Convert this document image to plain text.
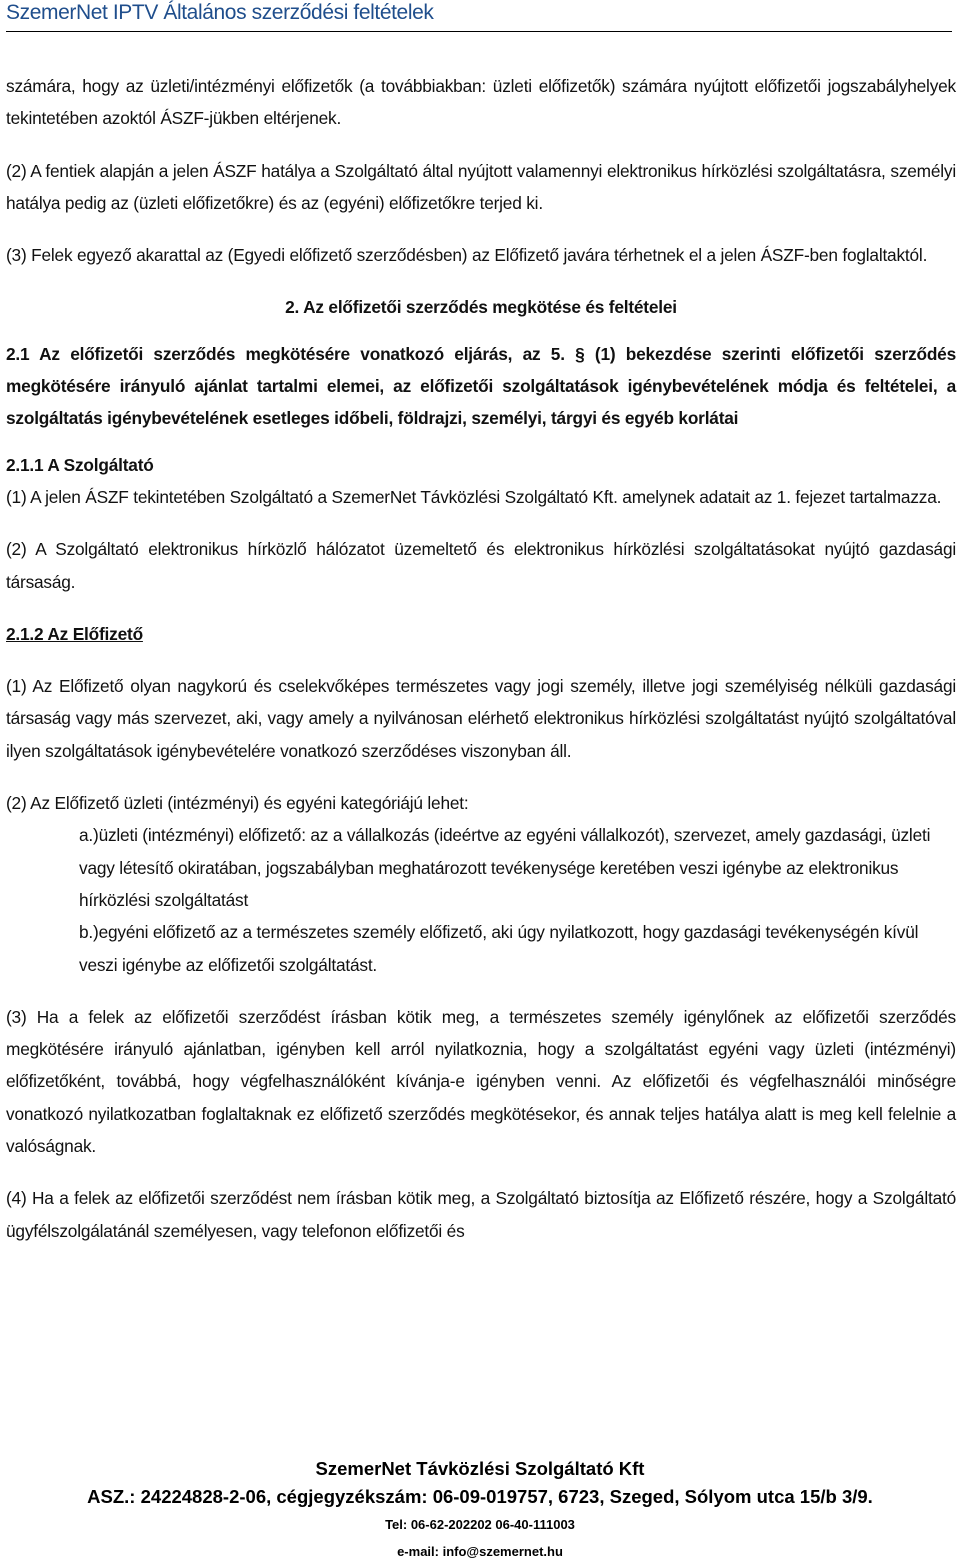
SzemerNet IPTV Általános szerződési feltételek

számára, hogy az üzleti/intézményi előfizetők (a továbbiakban: üzleti előfizetők) számára nyújtott előfizetői jogszabályhelyek tekintetében azoktól ÁSZF-jükben eltérjenek.

(2) A fentiek alapján a jelen ÁSZF hatálya a Szolgáltató által nyújtott valamennyi elektronikus hírközlési szolgáltatásra, személyi hatálya pedig az (üzleti előfizetőkre) és az (egyéni) előfizetőkre terjed ki.

(3) Felek egyező akarattal az (Egyedi előfizető szerződésben) az Előfizető javára térhetnek el a jelen ÁSZF-ben foglaltaktól.

2. Az előfizetői szerződés megkötése és feltételei

2.1 Az előfizetői szerződés megkötésére vonatkozó eljárás, az 5. § (1) bekezdése szerinti előfizetői szerződés megkötésére irányuló ajánlat tartalmi elemei, az előfizetői szolgáltatások igénybevételének módja és feltételei, a szolgáltatás igénybevételének esetleges időbeli, földrajzi, személyi, tárgyi és egyéb korlátai

2.1.1 A Szolgáltató

(1) A jelen ÁSZF tekintetében Szolgáltató a SzemerNet Távközlési Szolgáltató Kft. amelynek adatait az 1. fejezet tartalmazza.

(2) A Szolgáltató elektronikus hírközlő hálózatot üzemeltető és elektronikus hírközlési szolgáltatásokat nyújtó gazdasági társaság.

2.1.2 Az Előfizető

(1) Az Előfizető olyan nagykorú és cselekvőképes természetes vagy jogi személy, illetve jogi személyiség nélküli gazdasági társaság vagy más szervezet, aki, vagy amely a nyilvánosan elérhető elektronikus hírközlési szolgáltatást nyújtó szolgáltatóval ilyen szolgáltatások igénybevételére vonatkozó szerződéses viszonyban áll.

(2) Az Előfizető üzleti (intézményi) és egyéni kategóriájú lehet:

a.)üzleti (intézményi) előfizető: az a vállalkozás (ideértve az egyéni vállalkozót), szervezet, amely gazdasági, üzleti vagy létesítő okiratában, jogszabályban meghatározott tevékenysége keretében veszi igénybe az elektronikus hírközlési szolgáltatást

b.)egyéni előfizető az a természetes személy előfizető, aki úgy nyilatkozott, hogy gazdasági tevékenységén kívül veszi igénybe az előfizetői szolgáltatást.

(3) Ha a felek az előfizetői szerződést írásban kötik meg, a természetes személy igénylőnek az előfizetői szerződés megkötésére irányuló ajánlatban, igényben kell arról nyilatkoznia, hogy a szolgáltatást egyéni vagy üzleti (intézményi) előfizetőként, továbbá, hogy végfelhasználóként kívánja-e igényben venni. Az előfizetői és végfelhasználói minőségre vonatkozó nyilatkozatban foglaltaknak ez előfizető szerződés megkötésekor, és annak teljes hatálya alatt is meg kell felelnie a valóságnak.

(4) Ha a felek az előfizetői szerződést nem írásban kötik meg, a Szolgáltató biztosítja az Előfizető részére, hogy a Szolgáltató ügyfélszolgálatánál személyesen, vagy telefonon előfizetői és

SzemerNet Távközlési Szolgáltató Kft
ASZ.: 24224828-2-06, cégjegyzékszám: 06-09-019757, 6723, Szeged, Sólyom utca 15/b 3/9.
Tel: 06-62-202202 06-40-111003
e-mail: info@szemernet.hu
